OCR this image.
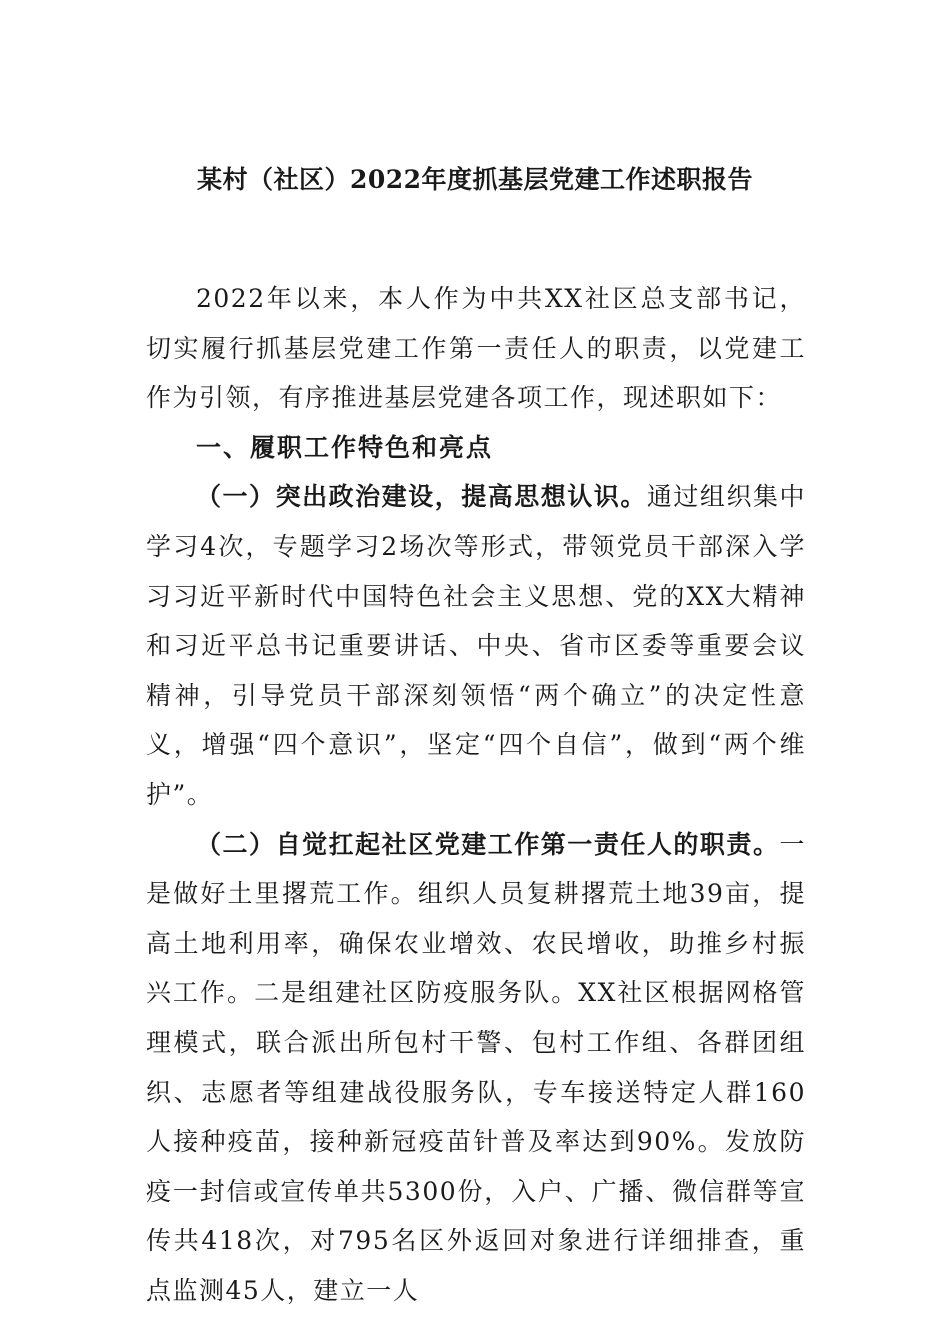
某村（社区）2022年度抓基层党建工作述职报告

2022年以来，本人作为中共XX社区总支部书记，切实履行抓基层党建工作第一责任人的职责，以党建工作为引领，有序推进基层党建各项工作，现述职如下：

一、履职工作特色和亮点

（一）突出政治建设，提高思想认识。通过组织集中学习4次，专题学习2场次等形式，带领党员干部深入学习习近平新时代中国特色社会主义思想、党的XX大精神和习近平总书记重要讲话、中央、省市区委等重要会议精神，引导党员干部深刻领悟“两个确立”的决定性意义，增强“四个意识”，坚定“四个自信”，做到“两个维护”。

（二）自觉扛起社区党建工作第一责任人的职责。一是做好土里撂荒工作。组织人员复耕撂荒土地39亩，提高土地利用率，确保农业增效、农民增收，助推乡村振兴工作。二是组建社区防疫服务队。XX社区根据网格管理模式，联合派出所包村干警、包村工作组、各群团组织、志愿者等组建战役服务队，专车接送特定人群160人接种疫苗，接种新冠疫苗针普及率达到90%。发放防疫一封信或宣传单共5300份，入户、广播、微信群等宣传共418次，对795名区外返回对象进行详细排查，重点监测45人，建立一人
